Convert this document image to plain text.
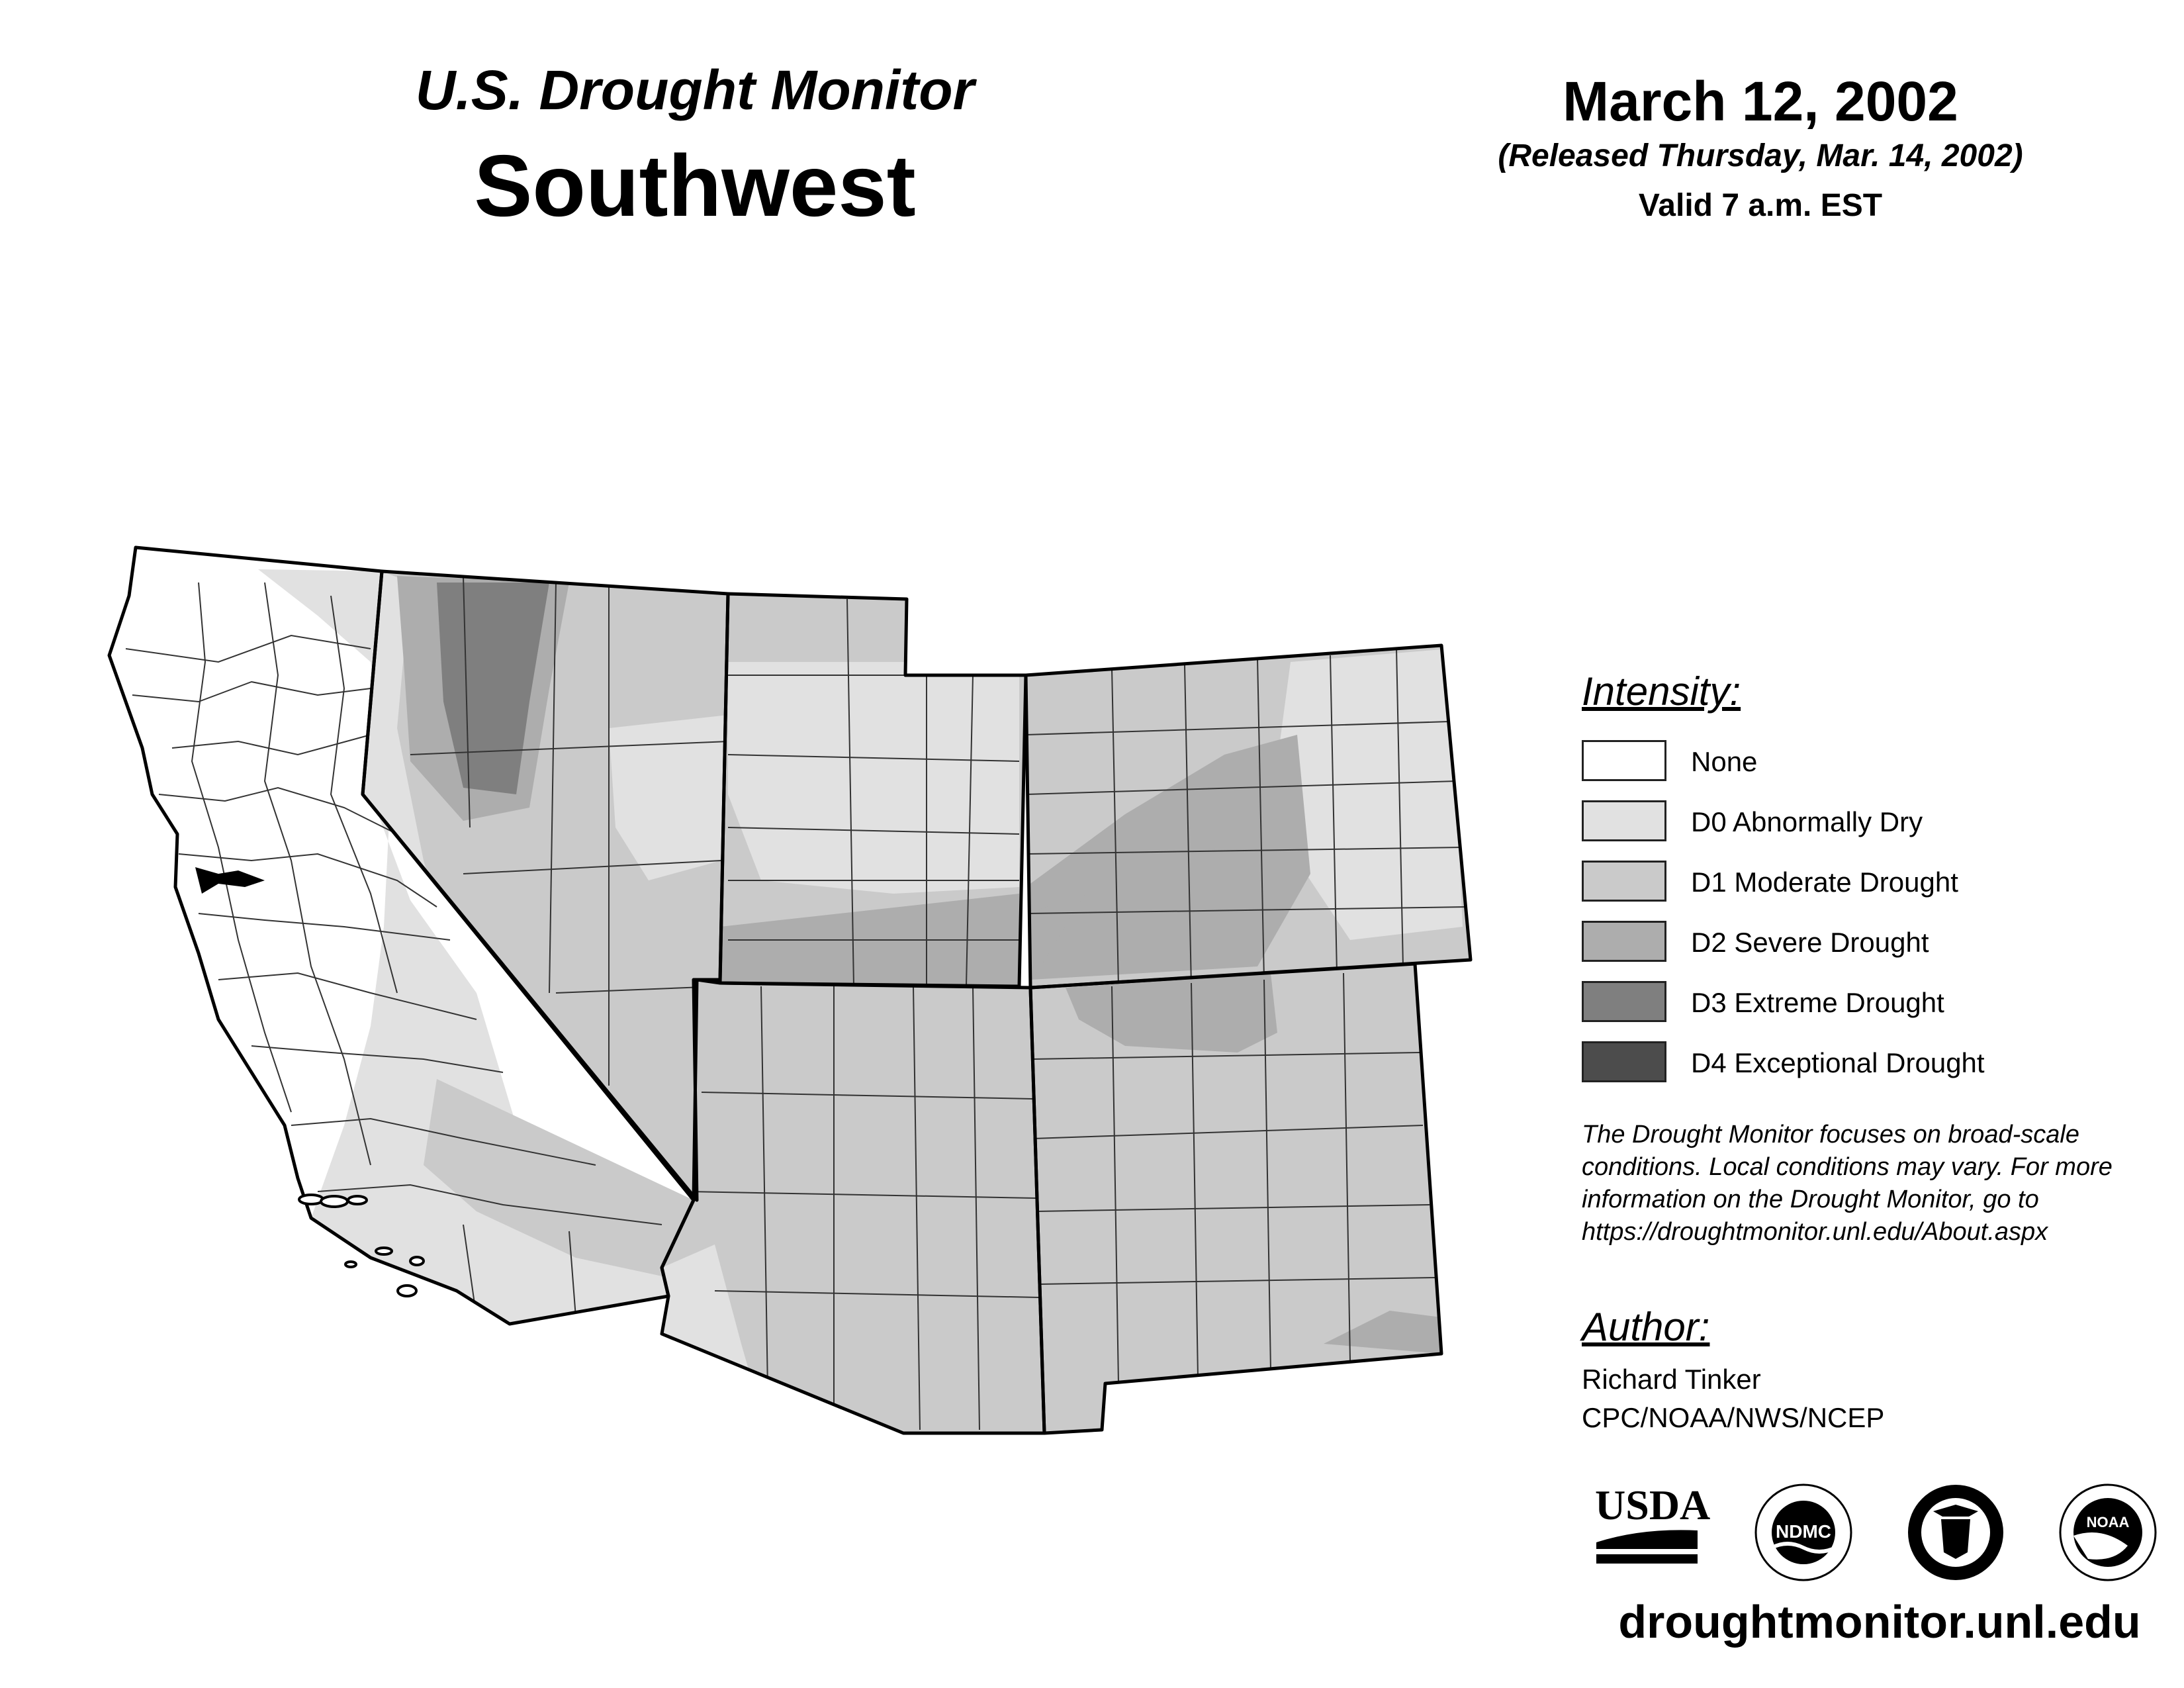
U.S. Drought Monitor
Southwest
March 12, 2002
(Released Thursday, Mar. 14, 2002)
Valid 7 a.m. EST
Intensity:
None
D0 Abnormally Dry
D1 Moderate Drought
D2 Severe Drought
D3 Extreme Drought
D4 Exceptional Drought
The Drought Monitor focuses on broad-scale
conditions. Local conditions may vary. For more
information on the Drought Monitor, go to
https://droughtmonitor.unl.edu/About.aspx
Author:
Richard Tinker
CPC/NOAA/NWS/NCEP
USDA
NDMC	NOAA
droughtmonitor.unl.edu
